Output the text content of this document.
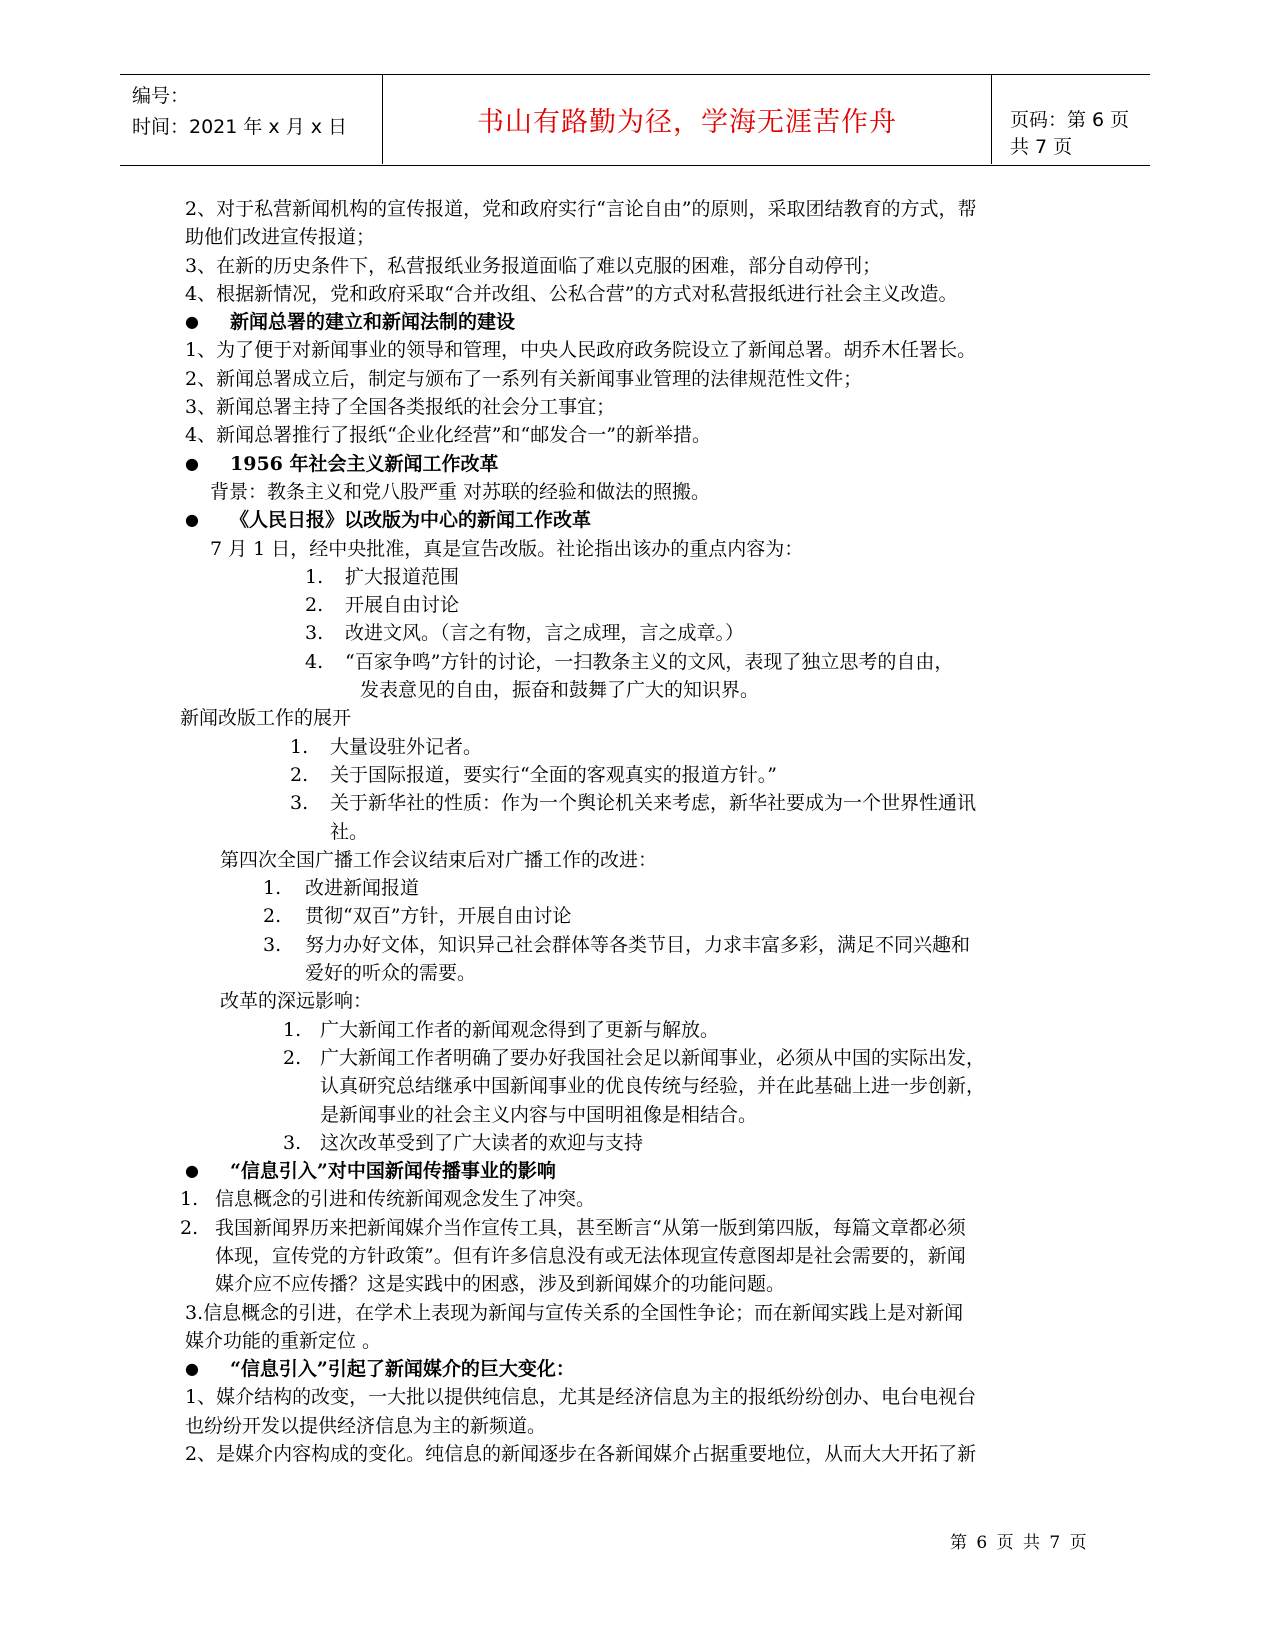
编号：
时间：2021 年 x 月 x 日	书山有路勤为径，学海无涯苦作舟	页码：第 6 页 共 7 页
2、对于私营新闻机构的宣传报道，党和政府实行“言论自由”的原则，采取团结教育的方式，帮
助他们改进宣传报道；
3、在新的历史条件下，私营报纸业务报道面临了难以克服的困难，部分自动停刊；
4、根据新情况，党和政府采取“合并改组、公私合营”的方式对私营报纸进行社会主义改造。
● 新闻总署的建立和新闻法制的建设
1、为了便于对新闻事业的领导和管理，中央人民政府政务院设立了新闻总署。胡乔木任署长。
2、新闻总署成立后，制定与颁布了一系列有关新闻事业管理的法律规范性文件；
3、新闻总署主持了全国各类报纸的社会分工事宜；
4、新闻总署推行了报纸“企业化经营”和“邮发合一”的新举措。
● 1956 年社会主义新闻工作改革
背景：教条主义和党八股严重 对苏联的经验和做法的照搬。
● 《人民日报》以改版为中心的新闻工作改革
7 月 1 日，经中央批准，真是宣告改版。社论指出该办的重点内容为：
1. 扩大报道范围
2. 开展自由讨论
3. 改进文风。（言之有物，言之成理，言之成章。）
4. “百家争鸣”方针的讨论，一扫教条主义的文风，表现了独立思考的自由，
发表意见的自由，振奋和鼓舞了广大的知识界。
新闻改版工作的展开
1. 大量设驻外记者。
2. 关于国际报道，要实行“全面的客观真实的报道方针。”
3. 关于新华社的性质：作为一个舆论机关来考虑，新华社要成为一个世界性通讯
社。
第四次全国广播工作会议结束后对广播工作的改进：
1. 改进新闻报道
2. 贯彻“双百”方针，开展自由讨论
3. 努力办好文体，知识异己社会群体等各类节目，力求丰富多彩，满足不同兴趣和
爱好的听众的需要。
改革的深远影响：
1. 广大新闻工作者的新闻观念得到了更新与解放。
2. 广大新闻工作者明确了要办好我国社会足以新闻事业，必须从中国的实际出发，
认真研究总结继承中国新闻事业的优良传统与经验，并在此基础上进一步创新，
是新闻事业的社会主义内容与中国明祖像是相结合。
3. 这次改革受到了广大读者的欢迎与支持
● “信息引入”对中国新闻传播事业的影响
1. 信息概念的引进和传统新闻观念发生了冲突。
2. 我国新闻界历来把新闻媒介当作宣传工具，甚至断言“从第一版到第四版，每篇文章都必须
体现，宣传党的方针政策”。但有许多信息没有或无法体现宣传意图却是社会需要的，新闻
媒介应不应传播？这是实践中的困惑，涉及到新闻媒介的功能问题。
3.信息概念的引进，在学术上表现为新闻与宣传关系的全国性争论；而在新闻实践上是对新闻
媒介功能的重新定位 。
● “信息引入”引起了新闻媒介的巨大变化：
1、媒介结构的改变，一大批以提供纯信息，尤其是经济信息为主的报纸纷纷创办、电台电视台
也纷纷开发以提供经济信息为主的新频道。
2、是媒介内容构成的变化。纯信息的新闻逐步在各新闻媒介占据重要地位，从而大大开拓了新
第 6 页 共 7 页
